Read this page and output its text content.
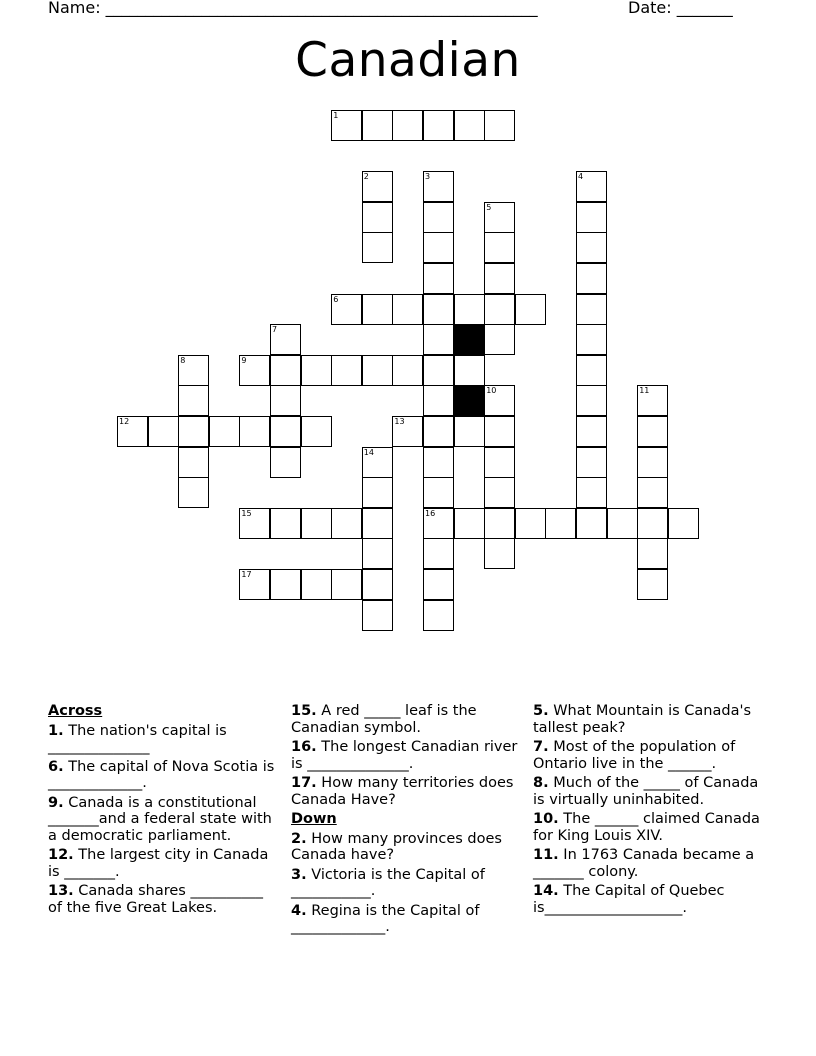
Name: ______________________________________________________	Date: _______
Canadian
1
2	3	4
5
6
7
8	9
10	11
12	13
14
15	16
17
Across
1. The nation's capital is ______________
6. The capital of Nova Scotia is _____________.
9. Canada is a constitutional _______and a federal state with a democratic parliament.
12. The largest city in Canada is _______.
13. Canada shares __________ of the five Great Lakes.
15. A red _____ leaf is the Canadian symbol.
16. The longest Canadian river is ______________.
17. How many territories does Canada Have?
Down
2. How many provinces does Canada have?
3. Victoria is the Capital of ___________.
4. Regina is the Capital of _____________.
5. What Mountain is Canada's tallest peak?
7. Most of the population of Ontario live in the ______.
8. Much of the _____ of Canada is virtually uninhabited.
10. The ______ claimed Canada for King Louis XIV.
11. In 1763 Canada became a _______ colony.
14. The Capital of Quebec is___________________.
